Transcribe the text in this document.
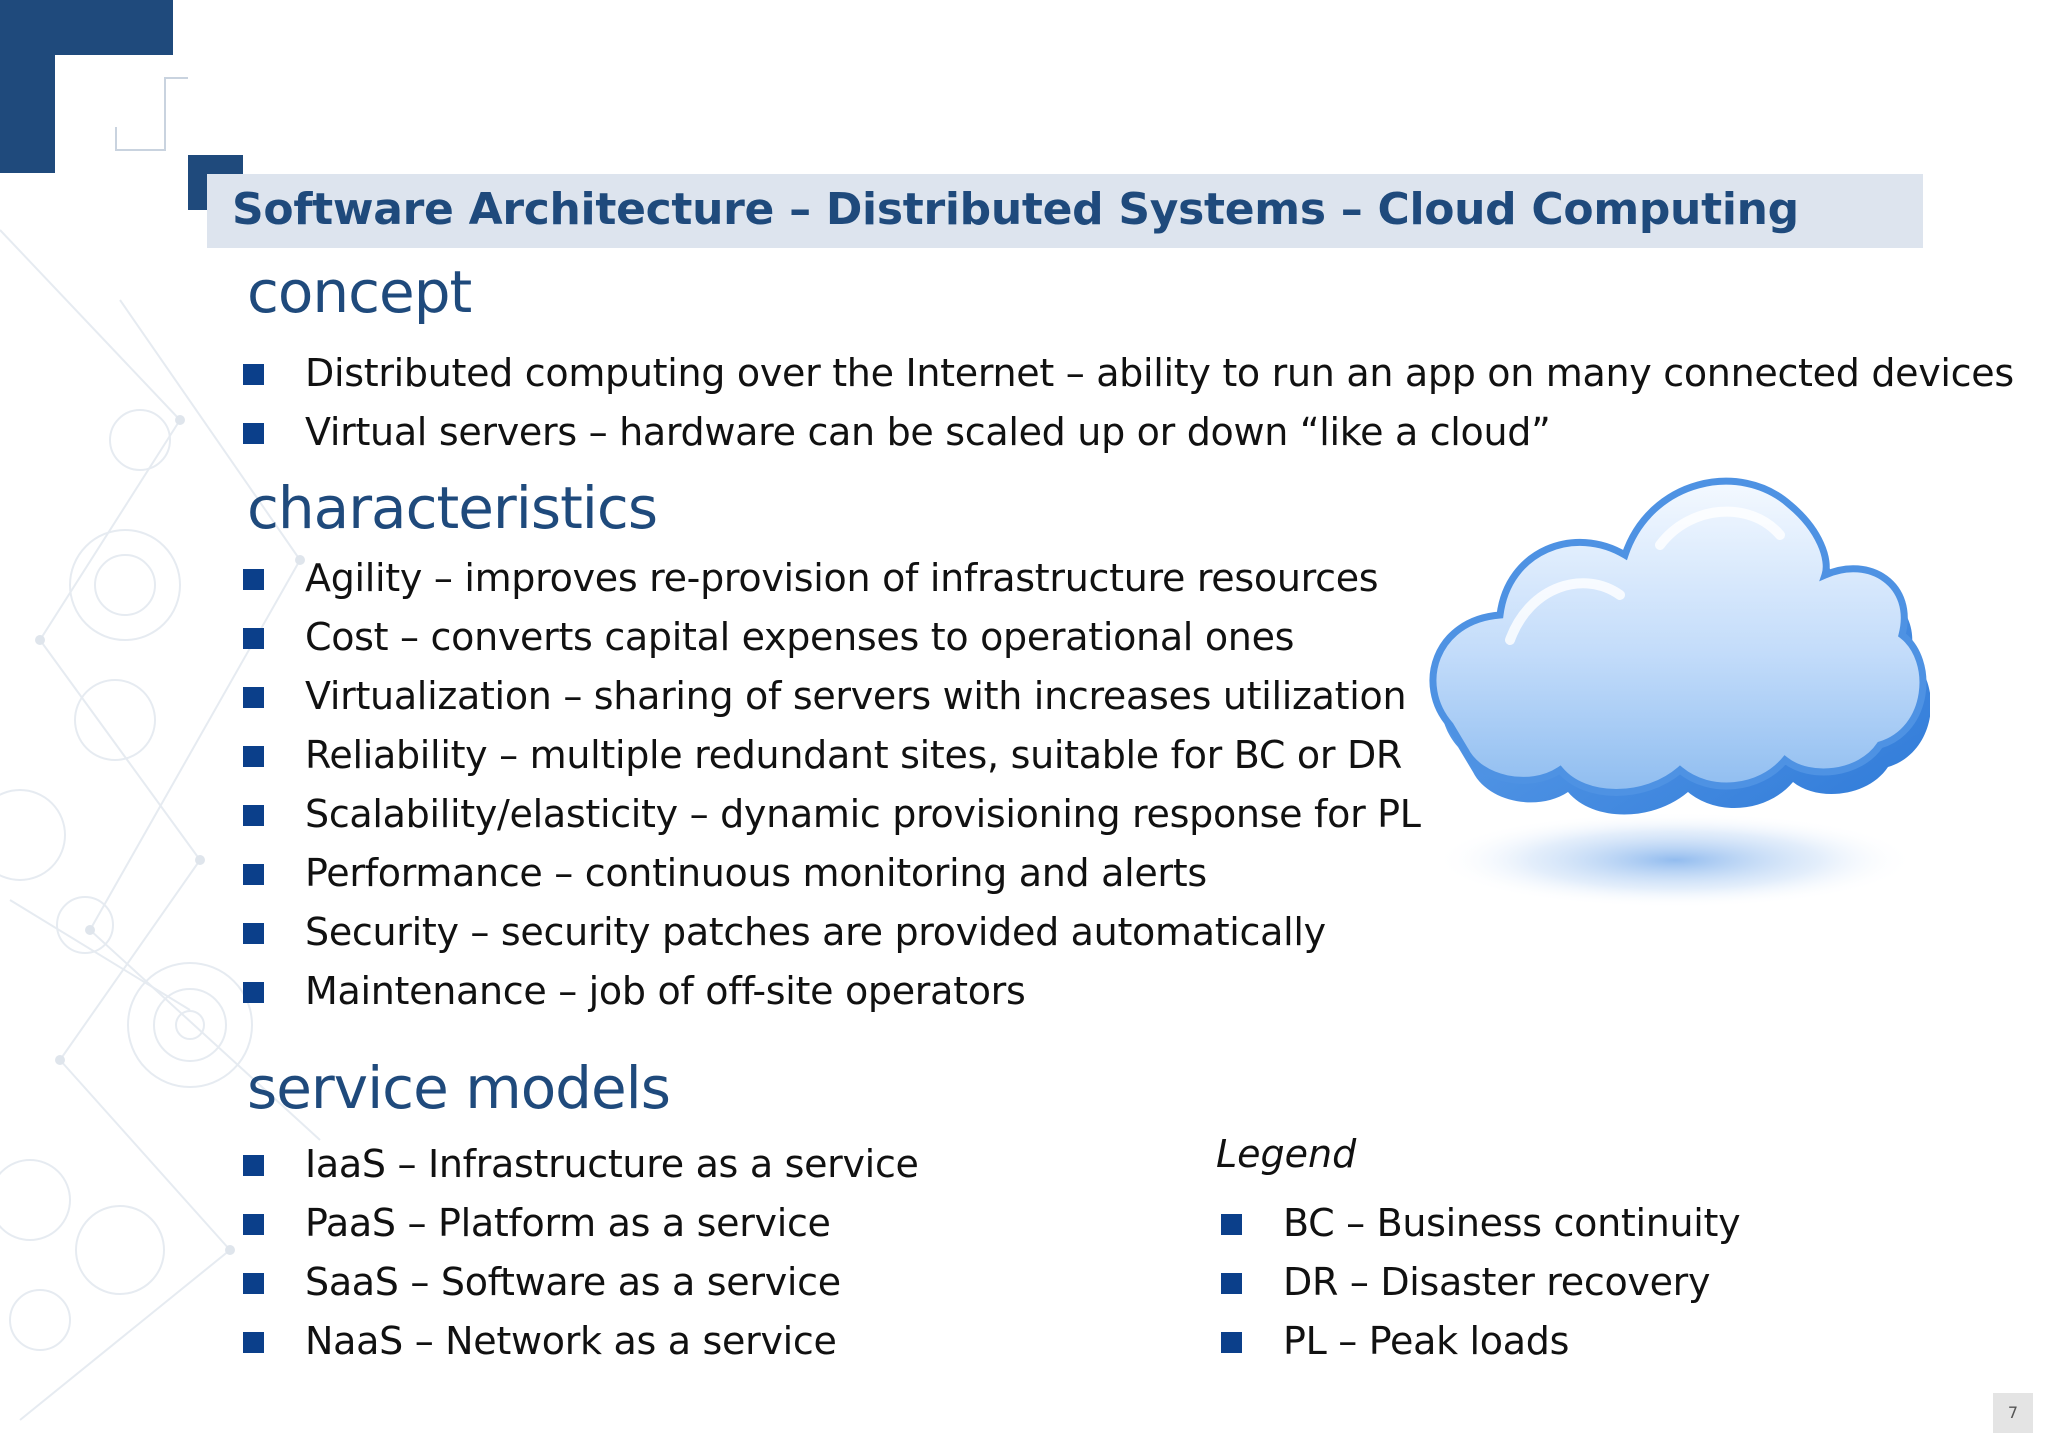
Software Architecture – Distributed Systems – Cloud Computing
concept
Distributed computing over the Internet – ability to run an app on many connected devices
Virtual servers – hardware can be scaled up or down “like a cloud”
characteristics
Agility – improves re-provision of infrastructure resources
Cost – converts capital expenses to operational ones
Virtualization – sharing of servers with increases utilization
Reliability – multiple redundant sites, suitable for BC or DR
Scalability/elasticity – dynamic provisioning response for PL
Performance – continuous monitoring and alerts
Security – security patches are provided automatically
Maintenance – job of off-site operators
service models
IaaS – Infrastructure as a service
PaaS – Platform as a service
SaaS – Software as a service
NaaS – Network as a service
Legend
BC – Business continuity
DR – Disaster recovery
PL – Peak loads
7
